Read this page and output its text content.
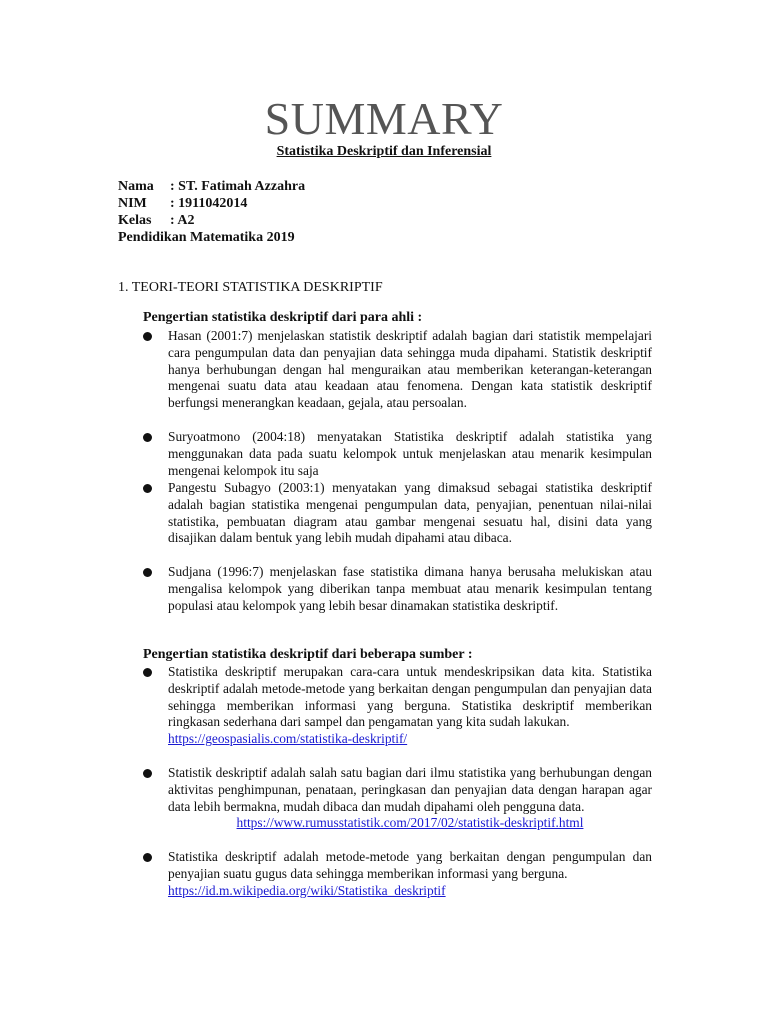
SUMMARY
Statistika Deskriptif dan Inferensial
Nama	: ST. Fatimah Azzahra
NIM	: 1911042014
Kelas	: A2
Pendidikan Matematika 2019
1. TEORI-TEORI STATISTIKA DESKRIPTIF
Pengertian statistika deskriptif dari para ahli :
Hasan (2001:7) menjelaskan statistik deskriptif adalah bagian dari statistik mempelajari cara pengumpulan data dan penyajian data sehingga muda dipahami. Statistik deskriptif hanya berhubungan dengan hal menguraikan atau memberikan keterangan-keterangan mengenai suatu data atau keadaan atau fenomena. Dengan kata statistik deskriptif berfungsi menerangkan keadaan, gejala, atau persoalan.
Suryoatmono (2004:18) menyatakan Statistika deskriptif adalah statistika yang menggunakan data pada suatu kelompok untuk menjelaskan atau menarik kesimpulan mengenai kelompok itu saja
Pangestu Subagyo (2003:1) menyatakan yang dimaksud sebagai statistika deskriptif adalah bagian statistika mengenai pengumpulan data, penyajian, penentuan nilai-nilai statistika, pembuatan diagram atau gambar mengenai sesuatu hal, disini data yang disajikan dalam bentuk yang lebih mudah dipahami atau dibaca.
Sudjana (1996:7) menjelaskan fase statistika dimana hanya berusaha melukiskan atau mengalisa kelompok yang diberikan tanpa membuat atau menarik kesimpulan tentang populasi atau kelompok yang lebih besar dinamakan statistika deskriptif.
Pengertian statistika deskriptif dari beberapa sumber :
Statistika deskriptif merupakan cara-cara untuk mendeskripsikan data kita. Statistika deskriptif adalah metode-metode yang berkaitan dengan pengumpulan dan penyajian data sehingga memberikan informasi yang berguna. Statistika deskriptif memberikan ringkasan sederhana dari sampel dan pengamatan yang kita sudah lakukan.
https://geospasialis.com/statistika-deskriptif/
Statistik deskriptif adalah salah satu bagian dari ilmu statistika yang berhubungan dengan aktivitas penghimpunan, penataan, peringkasan dan penyajian data dengan harapan agar data lebih bermakna, mudah dibaca dan mudah dipahami oleh pengguna data.
https://www.rumusstatistik.com/2017/02/statistik-deskriptif.html
Statistika deskriptif adalah metode-metode yang berkaitan dengan pengumpulan dan penyajian suatu gugus data sehingga memberikan informasi yang berguna.
https://id.m.wikipedia.org/wiki/Statistika_deskriptif
